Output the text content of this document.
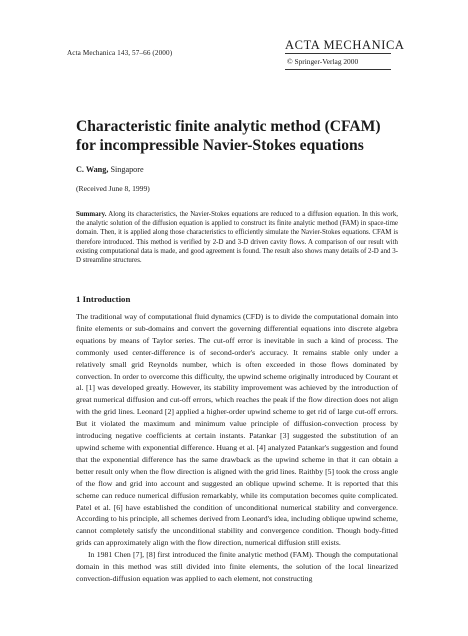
Acta Mechanica 143, 57–66 (2000)
ACTA MECHANICA
© Springer-Verlag 2000
Characteristic finite analytic method (CFAM)
for incompressible Navier-Stokes equations
C. Wang, Singapore
(Received June 8, 1999)
Summary. Along its characteristics, the Navier-Stokes equations are reduced to a diffusion equation. In this work, the analytic solution of the diffusion equation is applied to construct its finite analytic method (FAM) in space-time domain. Then, it is applied along those characteristics to efficiently simulate the Navier-Stokes equations. CFAM is therefore introduced. This method is verified by 2-D and 3-D driven cavity flows. A comparison of our result with existing computational data is made, and good agreement is found. The result also shows many details of 2-D and 3-D streamline structures.
1 Introduction

The traditional way of computational fluid dynamics (CFD) is to divide the computational domain into finite elements or sub-domains and convert the governing differential equations into discrete algebra equations by means of Taylor series. The cut-off error is inevitable in such a kind of process. The commonly used center-difference is of second-order's accuracy. It remains stable only under a relatively small grid Reynolds number, which is often exceeded in those flows dominated by convection. In order to overcome this difficulty, the upwind scheme originally introduced by Courant et al. [1] was developed greatly. However, its stability improvement was achieved by the introduction of great numerical diffusion and cut-off errors, which reaches the peak if the flow direction does not align with the grid lines. Leonard [2] applied a higher-order upwind scheme to get rid of large cut-off errors. But it violated the maximum and minimum value principle of diffusion-convection process by introducing negative coefficients at certain instants. Patankar [3] suggested the substitution of an upwind scheme with exponential difference. Huang et al. [4] analyzed Patankar's suggestion and found that the exponential difference has the same drawback as the upwind scheme in that it can obtain a better result only when the flow direction is aligned with the grid lines. Raithby [5] took the cross angle of the flow and grid into account and suggested an oblique upwind scheme. It is reported that this scheme can reduce numerical diffusion remarkably, while its computation becomes quite complicated. Patel et al. [6] have established the condition of unconditional numerical stability and convergence. According to his principle, all schemes derived from Leonard's idea, including oblique upwind scheme, cannot completely satisfy the unconditional stability and convergence condition. Though body-fitted grids can approximately align with the flow direction, numerical diffusion still exists.

In 1981 Chen [7], [8] first introduced the finite analytic method (FAM). Though the computational domain in this method was still divided into finite elements, the solution of the local linearized convection-diffusion equation was applied to each element, not constructing
